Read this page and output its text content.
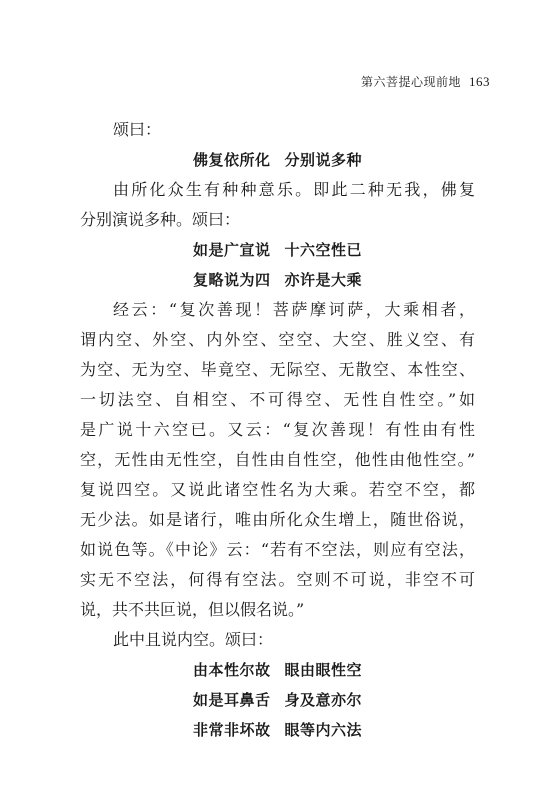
第六菩提心现前地 163
颂曰：
佛复依所化 分别说多种
由所化众生有种种意乐。即此二种无我，佛复
分别演说多种。颂曰：
如是广宣说 十六空性已
复略说为四 亦许是大乘
经云：“复次善现！菩萨摩诃萨，大乘相者，
谓内空、外空、内外空、空空、大空、胜义空、有
为空、无为空、毕竟空、无际空、无散空、本性空、
一切法空、自相空、不可得空、无性自性空。”如
是广说十六空已。又云：“复次善现！有性由有性
空，无性由无性空，自性由自性空，他性由他性空。”
复说四空。又说此诸空性名为大乘。若空不空，都
无少法。如是诸行，唯由所化众生增上，随世俗说，
如说色等。《中论》云：“若有不空法，则应有空法，
实无不空法，何得有空法。空则不可说，非空不可
说，共不共叵说，但以假名说。”
此中且说内空。颂曰：
由本性尔故 眼由眼性空
如是耳鼻舌 身及意亦尔
非常非坏故 眼等内六法
